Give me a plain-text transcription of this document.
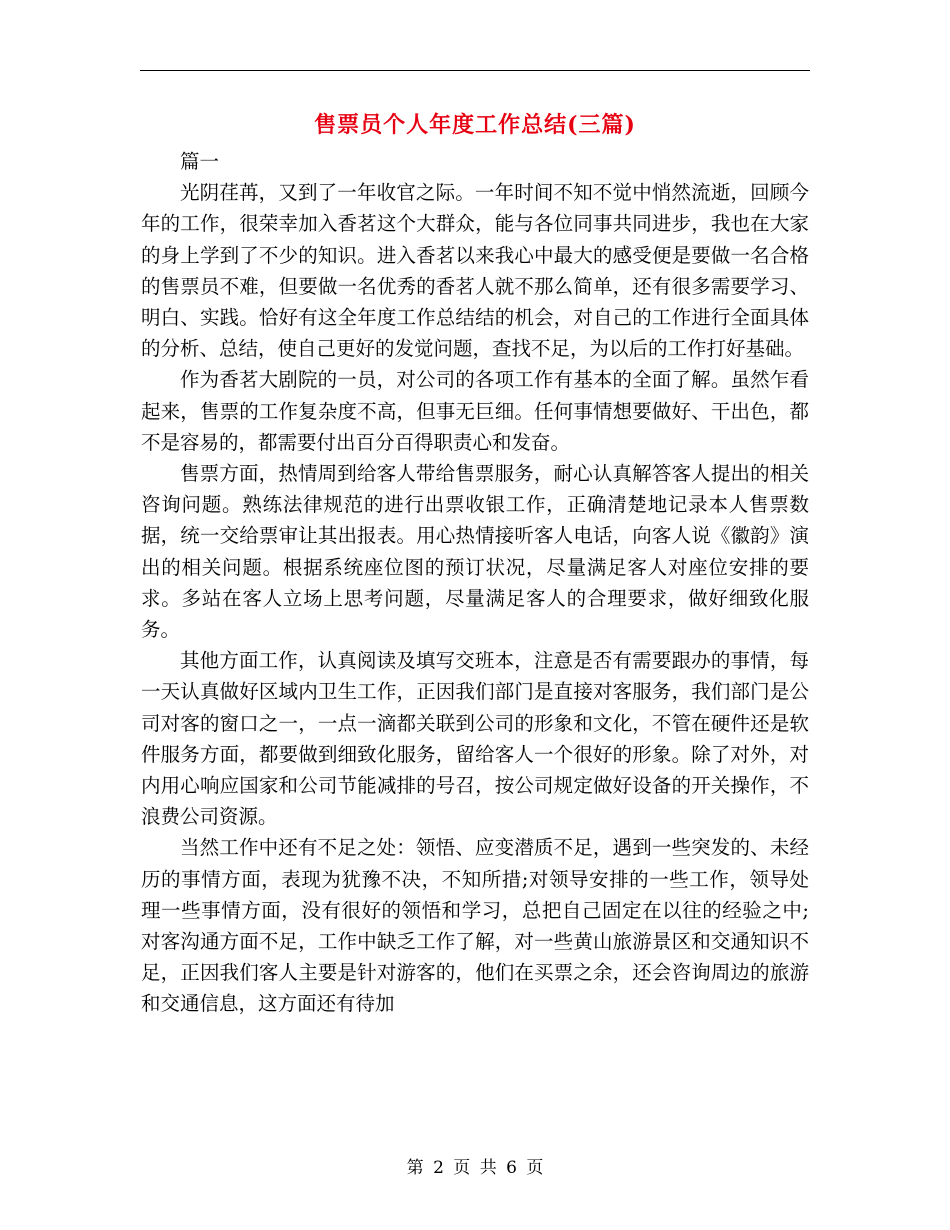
售票员个人年度工作总结(三篇)

篇一

光阴荏苒，又到了一年收官之际。一年时间不知不觉中悄然流逝，回顾今年的工作，很荣幸加入香茗这个大群众，能与各位同事共同进步，我也在大家的身上学到了不少的知识。进入香茗以来我心中最大的感受便是要做一名合格的售票员不难，但要做一名优秀的香茗人就不那么简单，还有很多需要学习、明白、实践。恰好有这全年度工作总结结的机会，对自己的工作进行全面具体的分析、总结，使自己更好的发觉问题，查找不足，为以后的工作打好基础。

作为香茗大剧院的一员，对公司的各项工作有基本的全面了解。虽然乍看起来，售票的工作复杂度不高，但事无巨细。任何事情想要做好、干出色，都不是容易的，都需要付出百分百得职责心和发奋。

售票方面，热情周到给客人带给售票服务，耐心认真解答客人提出的相关咨询问题。熟练法律规范的进行出票收银工作，正确清楚地记录本人售票数据，统一交给票审让其出报表。用心热情接听客人电话，向客人说《徽韵》演出的相关问题。根据系统座位图的预订状况，尽量满足客人对座位安排的要求。多站在客人立场上思考问题，尽量满足客人的合理要求，做好细致化服务。

其他方面工作，认真阅读及填写交班本，注意是否有需要跟办的事情，每一天认真做好区域内卫生工作，正因我们部门是直接对客服务，我们部门是公司对客的窗口之一，一点一滴都关联到公司的形象和文化，不管在硬件还是软件服务方面，都要做到细致化服务，留给客人一个很好的形象。除了对外，对内用心响应国家和公司节能减排的号召，按公司规定做好设备的开关操作，不浪费公司资源。

当然工作中还有不足之处：领悟、应变潜质不足，遇到一些突发的、未经历的事情方面，表现为犹豫不决，不知所措;对领导安排的一些工作，领导处理一些事情方面，没有很好的领悟和学习，总把自己固定在以往的经验之中;对客沟通方面不足，工作中缺乏工作了解，对一些黄山旅游景区和交通知识不足，正因我们客人主要是针对游客的，他们在买票之余，还会咨询周边的旅游和交通信息，这方面还有待加

第 2 页 共 6 页
